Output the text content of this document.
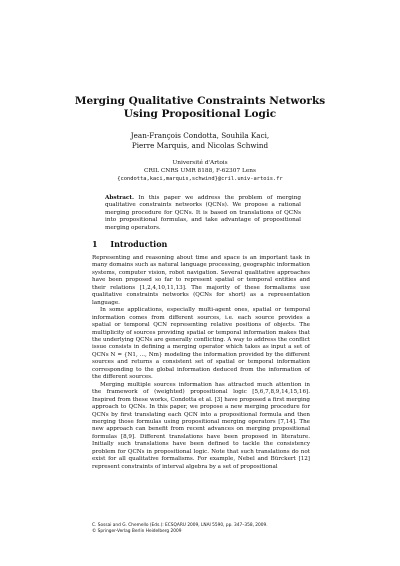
Merging Qualitative Constraints Networks
Using Propositional Logic
Jean-François Condotta, Souhila Kaci,
Pierre Marquis, and Nicolas Schwind
Université d'Artois
CRIL CNRS UMR 8188, F-62307 Lens
{condotta,kaci,marquis,schwind}@cril.univ-artois.fr
Abstract. In this paper we address the problem of merging qualitative constraints networks (QCNs). We propose a rational merging procedure for QCNs. It is based on translations of QCNs into propositional formulas, and take advantage of propositional merging operators.
1 Introduction

Representing and reasoning about time and space is an important task in many domains such as natural language processing, geographic information systems, computer vision, robot navigation. Several qualitative approaches have been proposed so far to represent spatial or temporal entities and their relations [1,2,4,10,11,13]. The majority of these formalisms use qualitative constraints networks (QCNs for short) as a representation language.

In some applications, especially multi-agent ones, spatial or temporal information comes from different sources, i.e. each source provides a spatial or temporal QCN representing relative positions of objects. The multiplicity of sources providing spatial or temporal information makes that the underlying QCNs are generally conflicting. A way to address the conflict issue consists in defining a merging operator which takes as input a set of QCNs N = {N1, ..., Nm} modeling the information provided by the different sources and returns a consistent set of spatial or temporal information corresponding to the global information deduced from the information of the different sources.

Merging multiple sources information has attracted much attention in the framework of (weighted) propositional logic [5,6,7,8,9,14,15,16]. Inspired from these works, Condotta et al. [3] have proposed a first merging approach to QCNs. In this paper, we propose a new merging procedure for QCNs by first translating each QCN into a propositional formula and then merging those formulas using propositional merging operators [7,14]. The new approach can benefit from recent advances on merging propositional formulas [8,9]. Different translations have been proposed in literature. Initially such translations have been defined to tackle the consistency problem for QCNs in propositional logic. Note that such translations do not exist for all qualitative formalisms. For example, Nebel and Bürckert [12] represent constraints of interval algebra by a set of propositional

C. Sossai and G. Chemello (Eds.): ECSQARU 2009, LNAI 5590, pp. 347–358, 2009.
© Springer-Verlag Berlin Heidelberg 2009
